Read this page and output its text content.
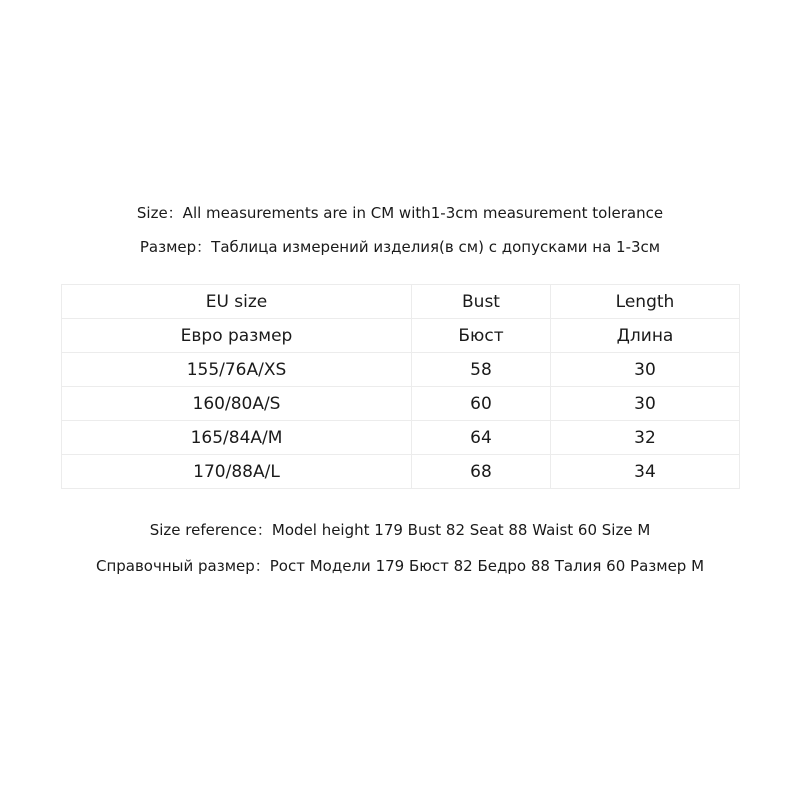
Size：All measurements are in CM with1-3cm measurement tolerance
Размер：Таблица измерений изделия(в см) с допусками на 1-3см
EU size	Bust	Length
Евро размер	Бюст	Длина
155/76A/XS	58	30
160/80A/S	60	30
165/84A/M	64	32
170/88A/L	68	34
Size reference：Model height 179 Bust 82 Seat 88 Waist 60 Size M
Справочный размер：Рост Модели 179 Бюст 82 Бедро 88 Талия 60 Размер M
